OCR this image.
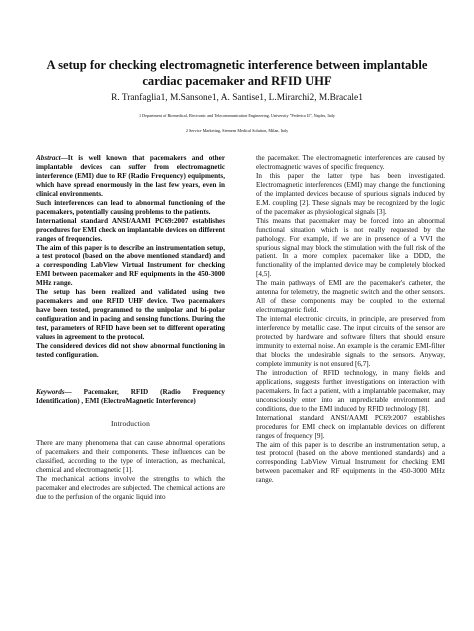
A setup for checking electromagnetic interference between implantable cardiac pacemaker and RFID UHF
R. Tranfaglia1, M.Sansone1, A. Santise1, L.Mirarchi2, M.Bracale1
1 Department of Biomedical, Electronic and Telecommunication Engineering, University "Federico II", Naples, Italy
2 Service Marketing, Siemens Medical Solution, Milan, Italy

Abstract—It is well known that pacemakers and other implantable devices can suffer from electromagnetic interference (EMI) due to RF (Radio Frequency) equipments, which have spread enormously in the last few years, even in clinical environments.

Such interferences can lead to abnormal functioning of the pacemakers, potentially causing problems to the patients.

International standard ANSI/AAMI PC69:2007 establishes procedures for EMI check on implantable devices on different ranges of frequencies.

The aim of this paper is to describe an instrumentation setup, a test protocol (based on the above mentioned standard) and a corresponding LabView Virtual Instrument for checking EMI between pacemaker and RF equipments in the 450-3000 MHz range.

The setup has been realized and validated using two pacemakers and one RFID UHF device. Two pacemakers have been tested, programmed to the unipolar and bi-polar configuration and in pacing and sensing functions. During the test, parameters of RFID have been set to different operating values in agreement to the protocol.

The considered devices did not show abnormal functioning in tested configuration.

Keywords— Pacemaker, RFID (Radio Frequency Identification) , EMI (ElectroMagnetic Interference)

Introduction

There are many phenomena that can cause abnormal operations of pacemakers and their components. These influences can be classified, according to the type of interaction, as mechanical, chemical and electromagnetic [1].

The mechanical actions involve the strengths to which the pacemaker and electrodes are subjected. The chemical actions are due to the perfusion of the organic liquid into

the pacemaker. The electromagnetic interferences are caused by electromagnetic waves of specific frequency.

In this paper the latter type has been investigated. Electromagnetic interferences (EMI) may change the functioning of the implanted devices because of spurious signals induced by E.M. coupling [2]. These signals may be recognized by the logic of the pacemaker as physiological signals [3].

This means that pacemaker may be forced into an abnormal functional situation which is not really requested by the pathology. For example, if we are in presence of a VVI the spurious signal may block the stimulation with the full risk of the patient. In a more complex pacemaker like a DDD, the functionality of the implanted device may be completely blocked [4,5].

The main pathways of EMI are the pacemaker's catheter, the antenna for telemetry, the magnetic switch and the other sensors. All of these components may be coupled to the external electromagnetic field.

The internal electronic circuits, in principle, are preserved from interference by metallic case. The input circuits of the sensor are protected by hardware and software filters that should ensure immunity to external noise. An example is the ceramic EMI-filter that blocks the undesirable signals to the sensors. Anyway, complete immunity is not ensured [6,7].

The introduction of RFID technology, in many fields and applications, suggests further investigations on interaction with pacemakers. In fact a patient, with a implantable pacemaker, may unconsciously enter into an unpredictable environment and conditions, due to the EMI induced by RFID technology [8].

International standard ANSI/AAMI PC69:2007 establishes procedures for EMI check on implantable devices on different ranges of frequency [9].

The aim of this paper is to describe an instrumentation setup, a test protocol (based on the above mentioned standards) and a corresponding LabView Virtual Instrument for checking EMI between pacemaker and RF equipments in the 450-3000 MHz range.
